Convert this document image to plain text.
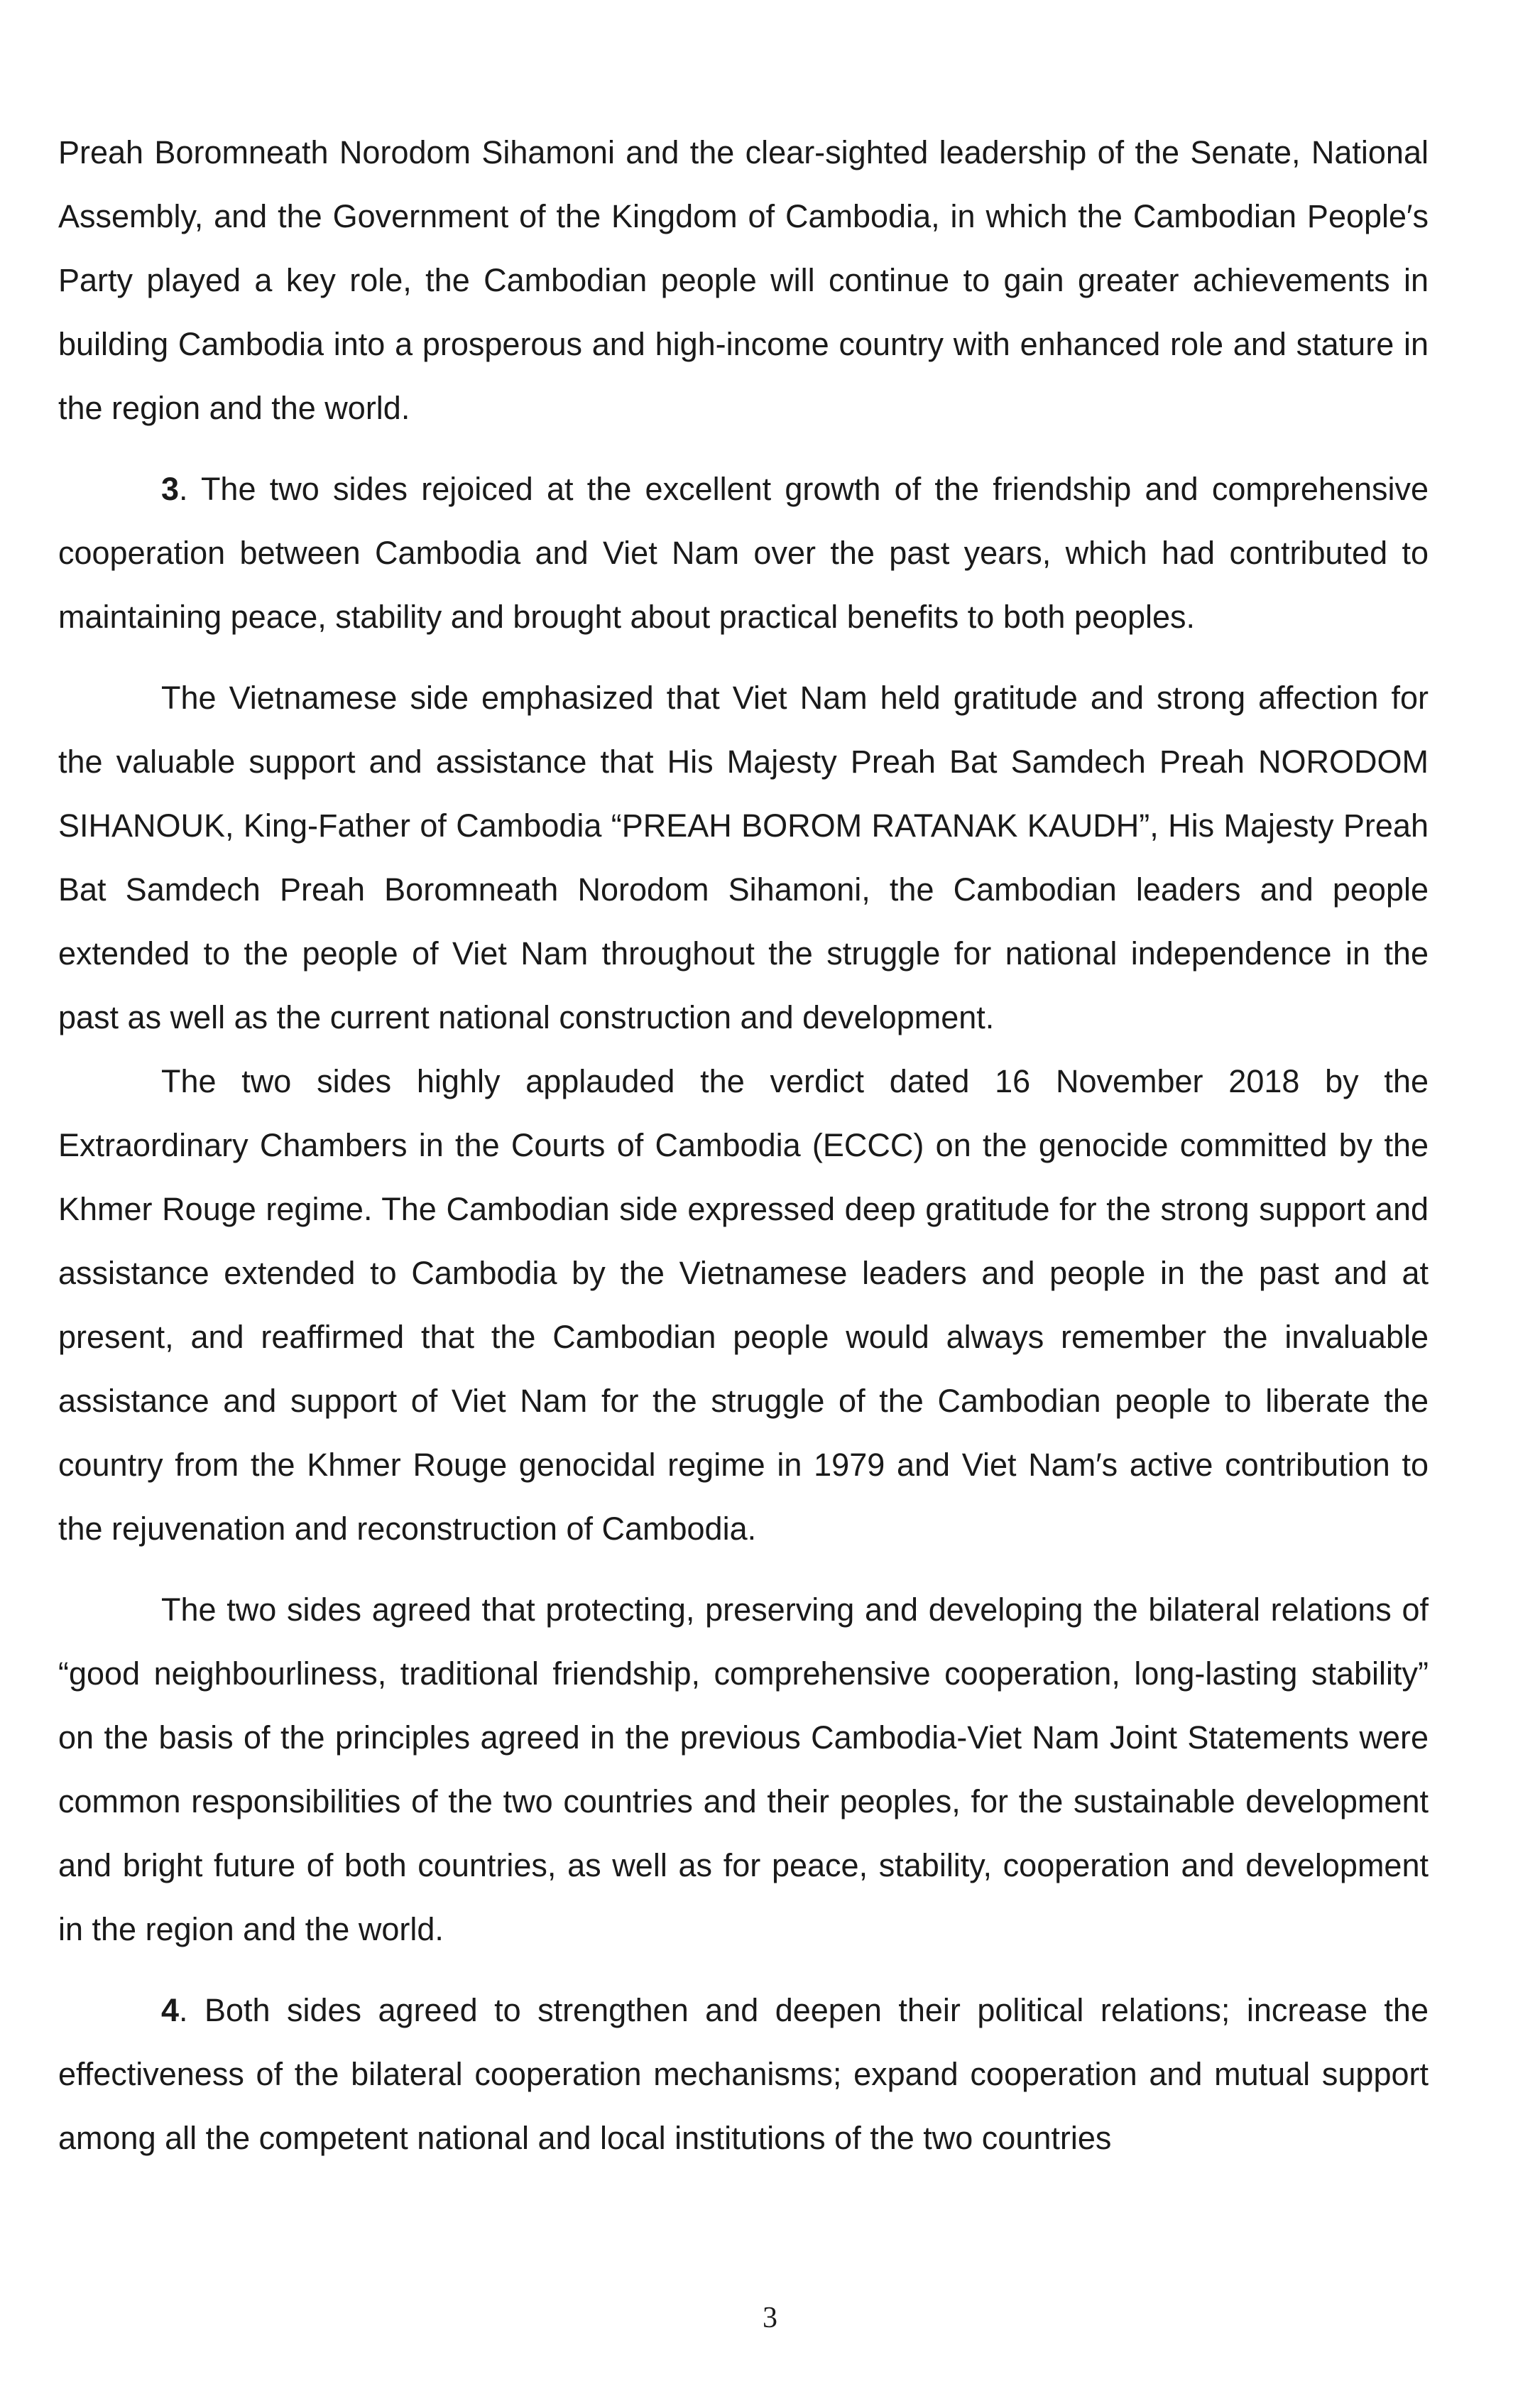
Preah Boromneath Norodom Sihamoni and the clear-sighted leadership of the Senate, National Assembly, and the Government of the Kingdom of Cambodia, in which the Cambodian People′s Party played a key role, the Cambodian people will continue to gain greater achievements in building Cambodia into a prosperous and high-income country with enhanced role and stature in the region and the world.

3. The two sides rejoiced at the excellent growth of the friendship and comprehensive cooperation between Cambodia and Viet Nam over the past years, which had contributed to maintaining peace, stability and brought about practical benefits to both peoples.

The Vietnamese side emphasized that Viet Nam held gratitude and strong affection for the valuable support and assistance that His Majesty Preah Bat Samdech Preah NORODOM SIHANOUK, King-Father of Cambodia “PREAH BOROM RATANAK KAUDH”, His Majesty Preah Bat Samdech Preah Boromneath Norodom Sihamoni, the Cambodian leaders and people extended to the people of Viet Nam throughout the struggle for national independence in the past as well as the current national construction and development.

The two sides highly applauded the verdict dated 16 November 2018 by the Extraordinary Chambers in the Courts of Cambodia (ECCC) on the genocide committed by the Khmer Rouge regime. The Cambodian side expressed deep gratitude for the strong support and assistance extended to Cambodia by the Vietnamese leaders and people in the past and at present, and reaffirmed that the Cambodian people would always remember the invaluable assistance and support of Viet Nam for the struggle of the Cambodian people to liberate the country from the Khmer Rouge genocidal regime in 1979 and Viet Nam′s active contribution to the rejuvenation and reconstruction of Cambodia.

The two sides agreed that protecting, preserving and developing the bilateral relations of “good neighbourliness, traditional friendship, comprehensive cooperation, long-lasting stability” on the basis of the principles agreed in the previous Cambodia-Viet Nam Joint Statements were common responsibilities of the two countries and their peoples, for the sustainable development and bright future of both countries, as well as for peace, stability, cooperation and development in the region and the world.

4. Both sides agreed to strengthen and deepen their political relations; increase the effectiveness of the bilateral cooperation mechanisms; expand cooperation and mutual support among all the competent national and local institutions of the two countries

3
